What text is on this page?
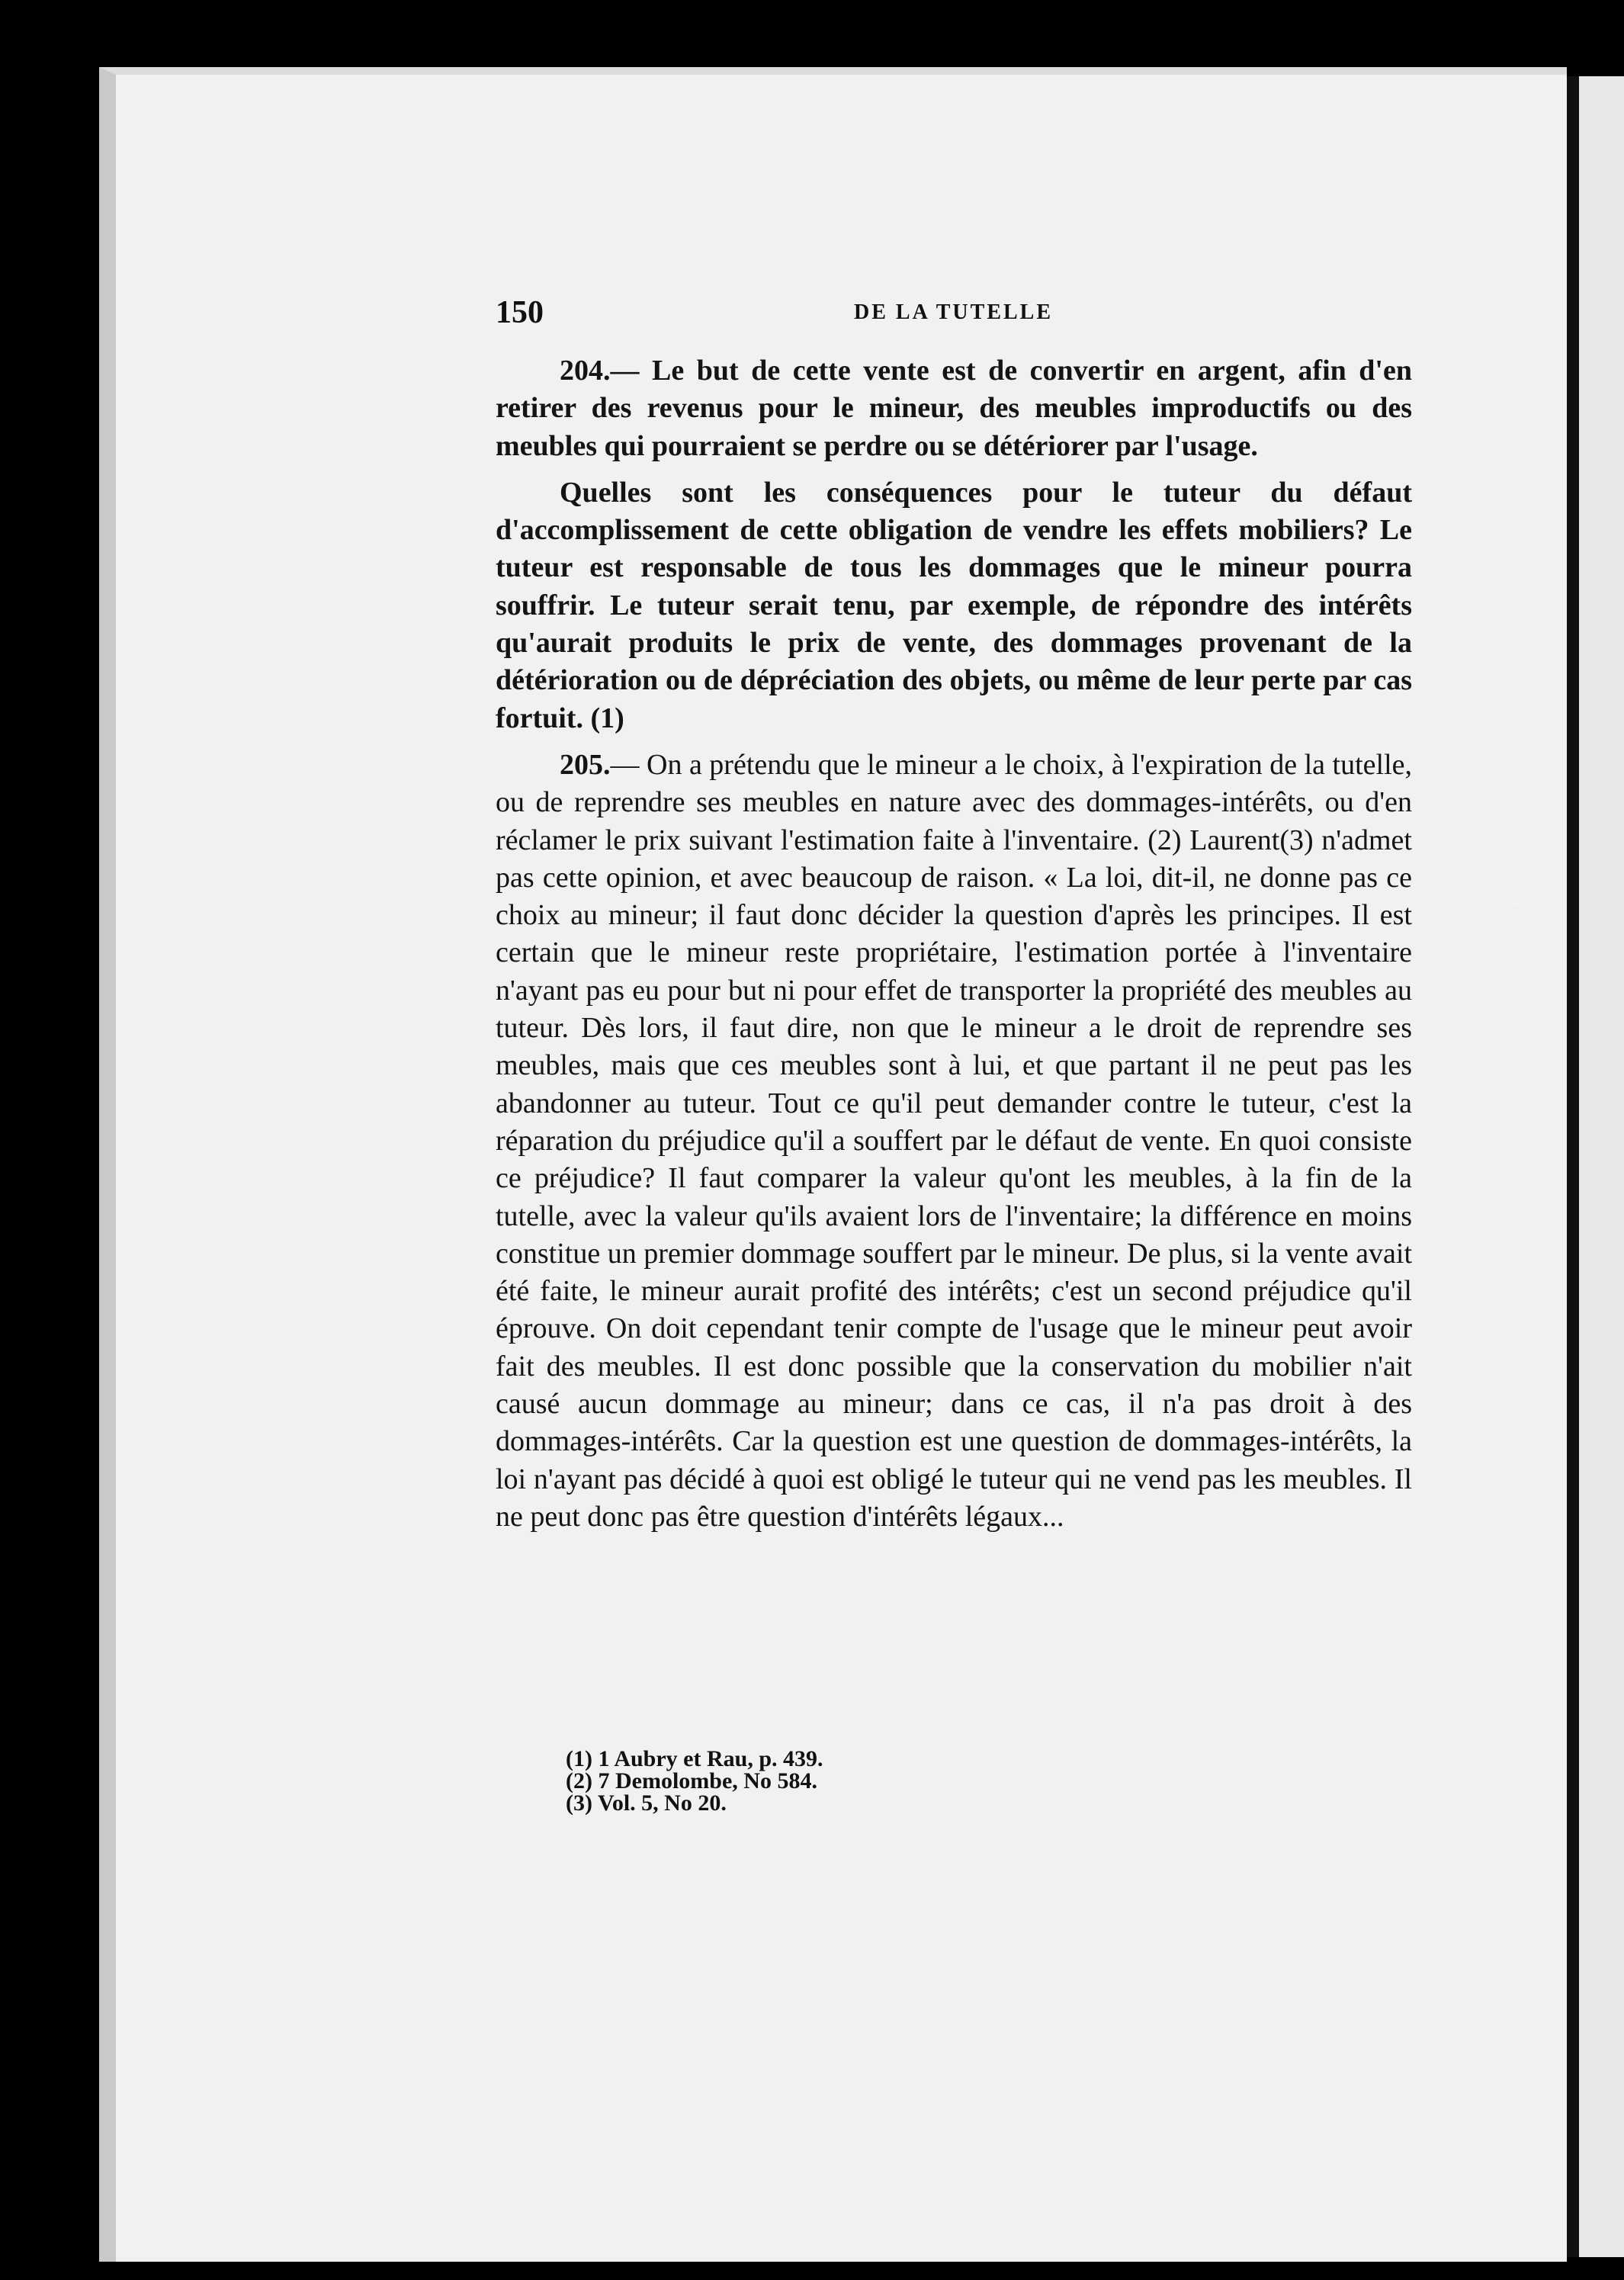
150	DE LA TUTELLE

204.— Le but de cette vente est de convertir en argent, afin d'en retirer des revenus pour le mineur, des meubles improductifs ou des meubles qui pourraient se perdre ou se détériorer par l'usage.

Quelles sont les conséquences pour le tuteur du défaut d'accomplissement de cette obligation de vendre les effets mobiliers? Le tuteur est responsable de tous les dommages que le mineur pourra souffrir. Le tuteur serait tenu, par exemple, de répondre des intérêts qu'aurait produits le prix de vente, des dommages provenant de la détérioration ou de dépréciation des objets, ou même de leur perte par cas fortuit. (1)

205.— On a prétendu que le mineur a le choix, à l'expiration de la tutelle, ou de reprendre ses meubles en nature avec des dommages-intérêts, ou d'en réclamer le prix suivant l'estimation faite à l'inventaire. (2) Laurent(3) n'admet pas cette opinion, et avec beaucoup de raison. « La loi, dit-il, ne donne pas ce choix au mineur; il faut donc décider la question d'après les principes. Il est certain que le mineur reste propriétaire, l'estimation portée à l'inventaire n'ayant pas eu pour but ni pour effet de transporter la propriété des meubles au tuteur. Dès lors, il faut dire, non que le mineur a le droit de reprendre ses meubles, mais que ces meubles sont à lui, et que partant il ne peut pas les abandonner au tuteur. Tout ce qu'il peut demander contre le tuteur, c'est la réparation du préjudice qu'il a souffert par le défaut de vente. En quoi consiste ce préjudice? Il faut comparer la valeur qu'ont les meubles, à la fin de la tutelle, avec la valeur qu'ils avaient lors de l'inventaire; la différence en moins constitue un premier dommage souffert par le mineur. De plus, si la vente avait été faite, le mineur aurait profité des intérêts; c'est un second préjudice qu'il éprouve. On doit cependant tenir compte de l'usage que le mineur peut avoir fait des meubles. Il est donc possible que la conservation du mobilier n'ait causé aucun dommage au mineur; dans ce cas, il n'a pas droit à des dommages-intérêts. Car la question est une question de dommages-intérêts, la loi n'ayant pas décidé à quoi est obligé le tuteur qui ne vend pas les meubles. Il ne peut donc pas être question d'intérêts légaux...

(1) 1 Aubry et Rau, p. 439.
(2) 7 Demolombe, No 584.
(3) Vol. 5, No 20.
